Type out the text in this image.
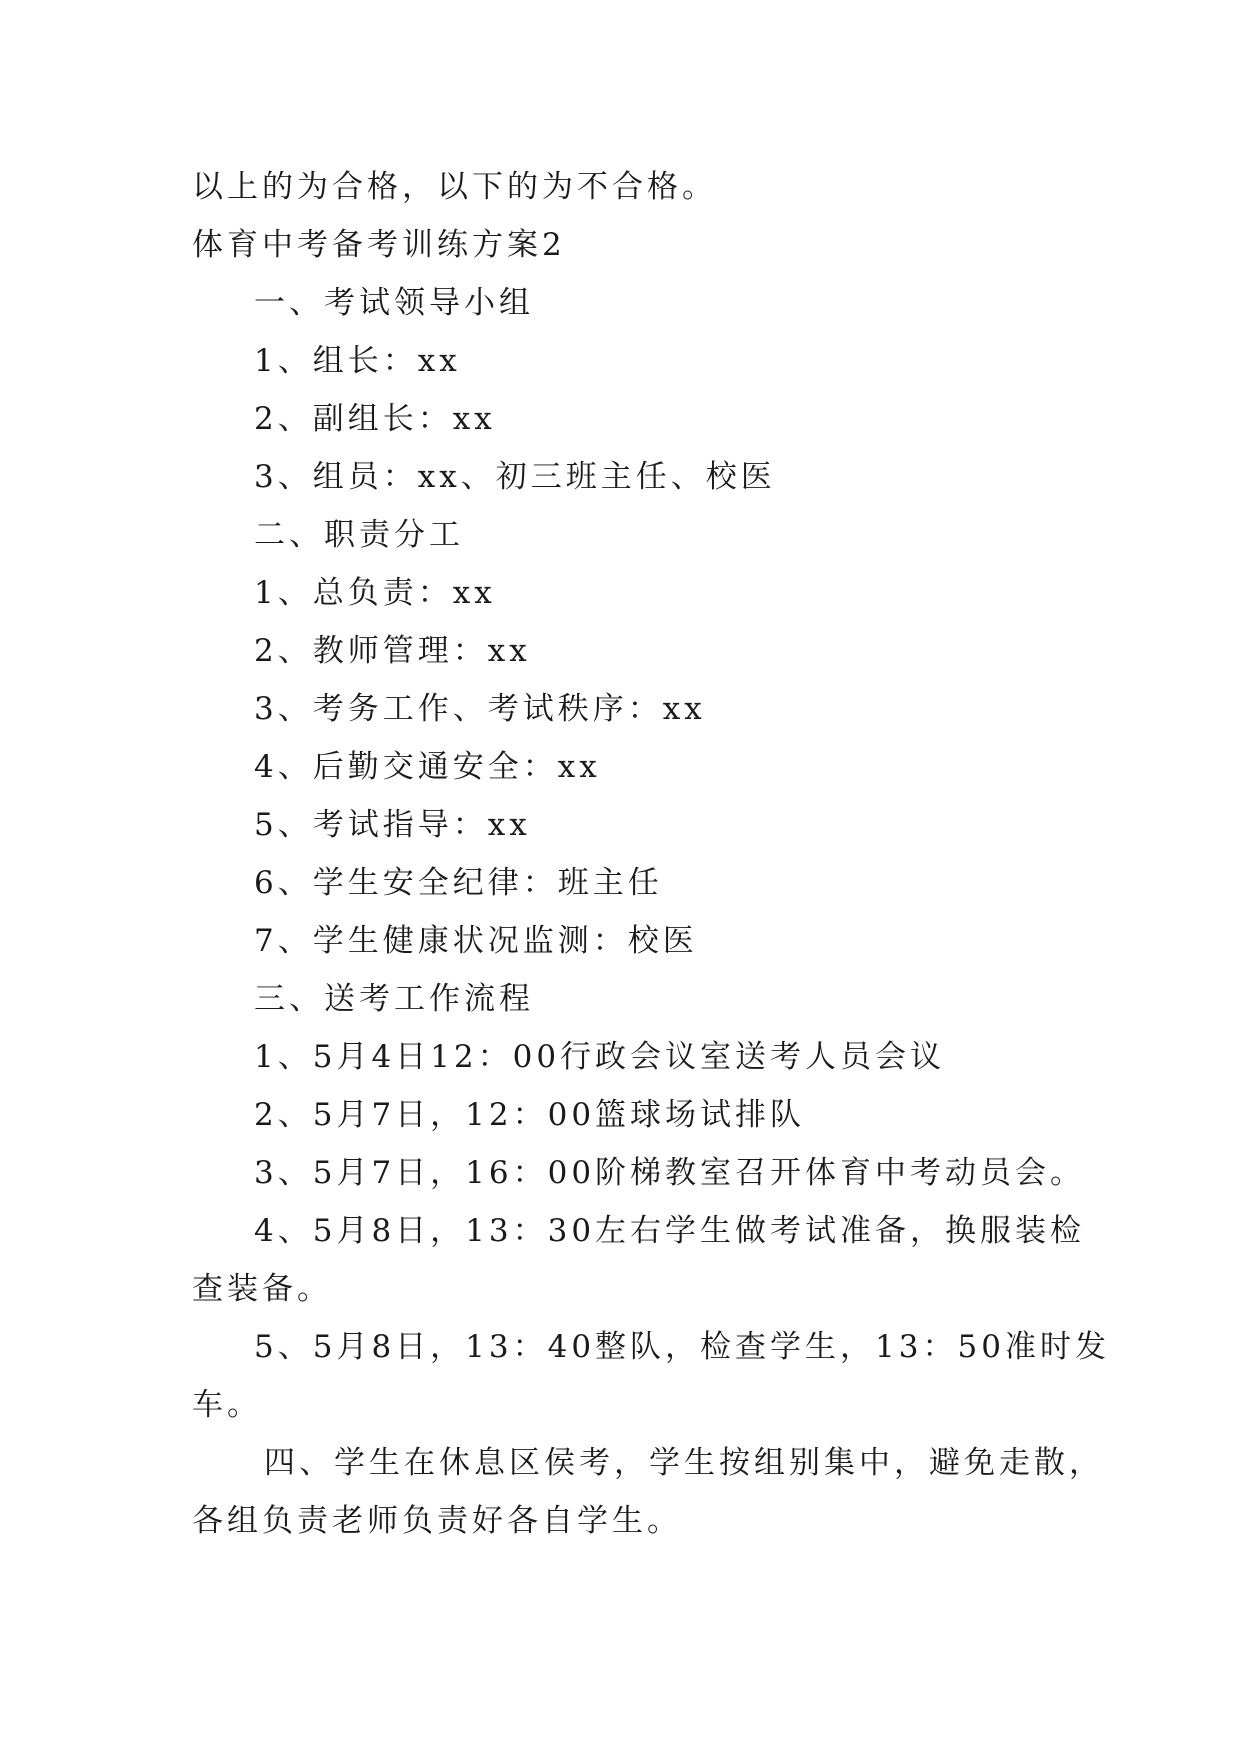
以上的为合格，以下的为不合格。

体育中考备考训练方案2

一、考试领导小组

1、组长：xx

2、副组长：xx

3、组员：xx、初三班主任、校医

二、职责分工

1、总负责：xx

2、教师管理：xx

3、考务工作、考试秩序：xx

4、后勤交通安全：xx

5、考试指导：xx

6、学生安全纪律：班主任

7、学生健康状况监测：校医

三、送考工作流程

1、5月4日12：00行政会议室送考人员会议

2、5月7日，12：00篮球场试排队

3、5月7日，16：00阶梯教室召开体育中考动员会。

4、5月8日，13：30左右学生做考试准备，换服装检

查装备。

5、5月8日，13：40整队，检查学生，13：50准时发

车。

四、学生在休息区侯考，学生按组别集中，避免走散，

各组负责老师负责好各自学生。
